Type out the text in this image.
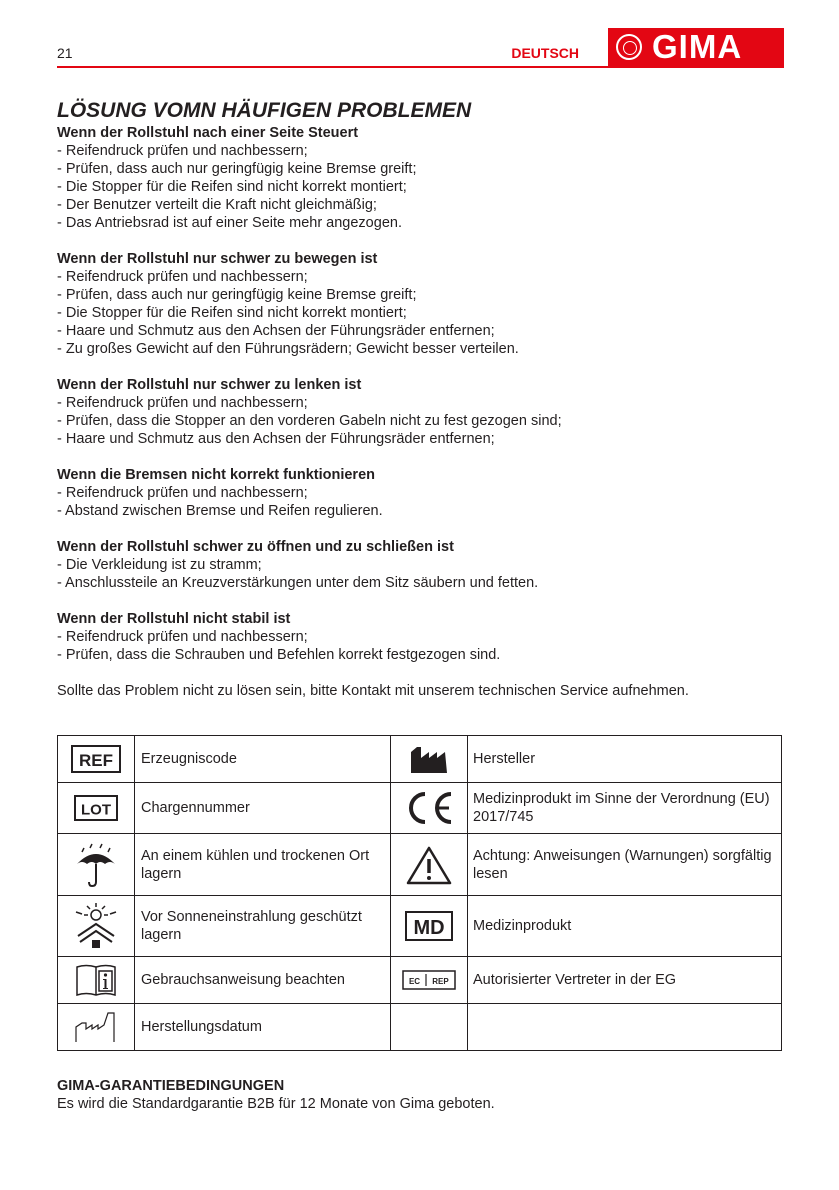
21	DEUTSCH GIMA
LÖSUNG VOMN HÄUFIGEN PROBLEMEN
Wenn der Rollstuhl nach einer Seite Steuert
- Reifendruck prüfen und nachbessern;
- Prüfen, dass auch nur geringfügig keine Bremse greift;
- Die Stopper für die Reifen sind nicht korrekt montiert;
- Der Benutzer verteilt die Kraft nicht gleichmäßig;
- Das Antriebsrad ist auf einer Seite mehr angezogen.
Wenn der Rollstuhl nur schwer zu bewegen ist
- Reifendruck prüfen und nachbessern;
- Prüfen, dass auch nur geringfügig keine Bremse greift;
- Die Stopper für die Reifen sind nicht korrekt montiert;
- Haare und Schmutz aus den Achsen der Führungsräder entfernen;
- Zu großes Gewicht auf den Führungsrädern; Gewicht besser verteilen.
Wenn der Rollstuhl nur schwer zu lenken ist
- Reifendruck prüfen und nachbessern;
- Prüfen, dass die Stopper an den vorderen Gabeln nicht zu fest gezogen sind;
- Haare und Schmutz aus den Achsen der Führungsräder entfernen;
Wenn die Bremsen nicht korrekt funktionieren
- Reifendruck prüfen und nachbessern;
- Abstand zwischen Bremse und Reifen regulieren.
Wenn der Rollstuhl schwer zu öffnen und zu schließen ist
- Die Verkleidung ist zu stramm;
- Anschlussteile an Kreuzverstärkungen unter dem Sitz säubern und fetten.
Wenn der Rollstuhl nicht stabil ist
- Reifendruck prüfen und nachbessern;
- Prüfen, dass die Schrauben und Befehlen korrekt festgezogen sind.
Sollte das Problem nicht zu lösen sein, bitte Kontakt mit unserem technischen Service aufnehmen.
REF	Erzeugniscode		Hersteller

LOT	Chargennummer		Medizinprodukt im Sinne der Verordnung (EU) 2017/745

	An einem kühlen und trockenen Ort lagern		Achtung: Anweisungen (Warnungen) sorgfältig lesen

	Vor Sonneneinstrahlung geschützt lagern	MD	Medizinprodukt

	Gebrauchsanweisung beachten	EC REP	Autorisierter Vertreter in der EG

	Herstellungsdatum		
GIMA-GARANTIEBEDINGUNGEN
Es wird die Standardgarantie B2B für 12 Monate von Gima geboten.
